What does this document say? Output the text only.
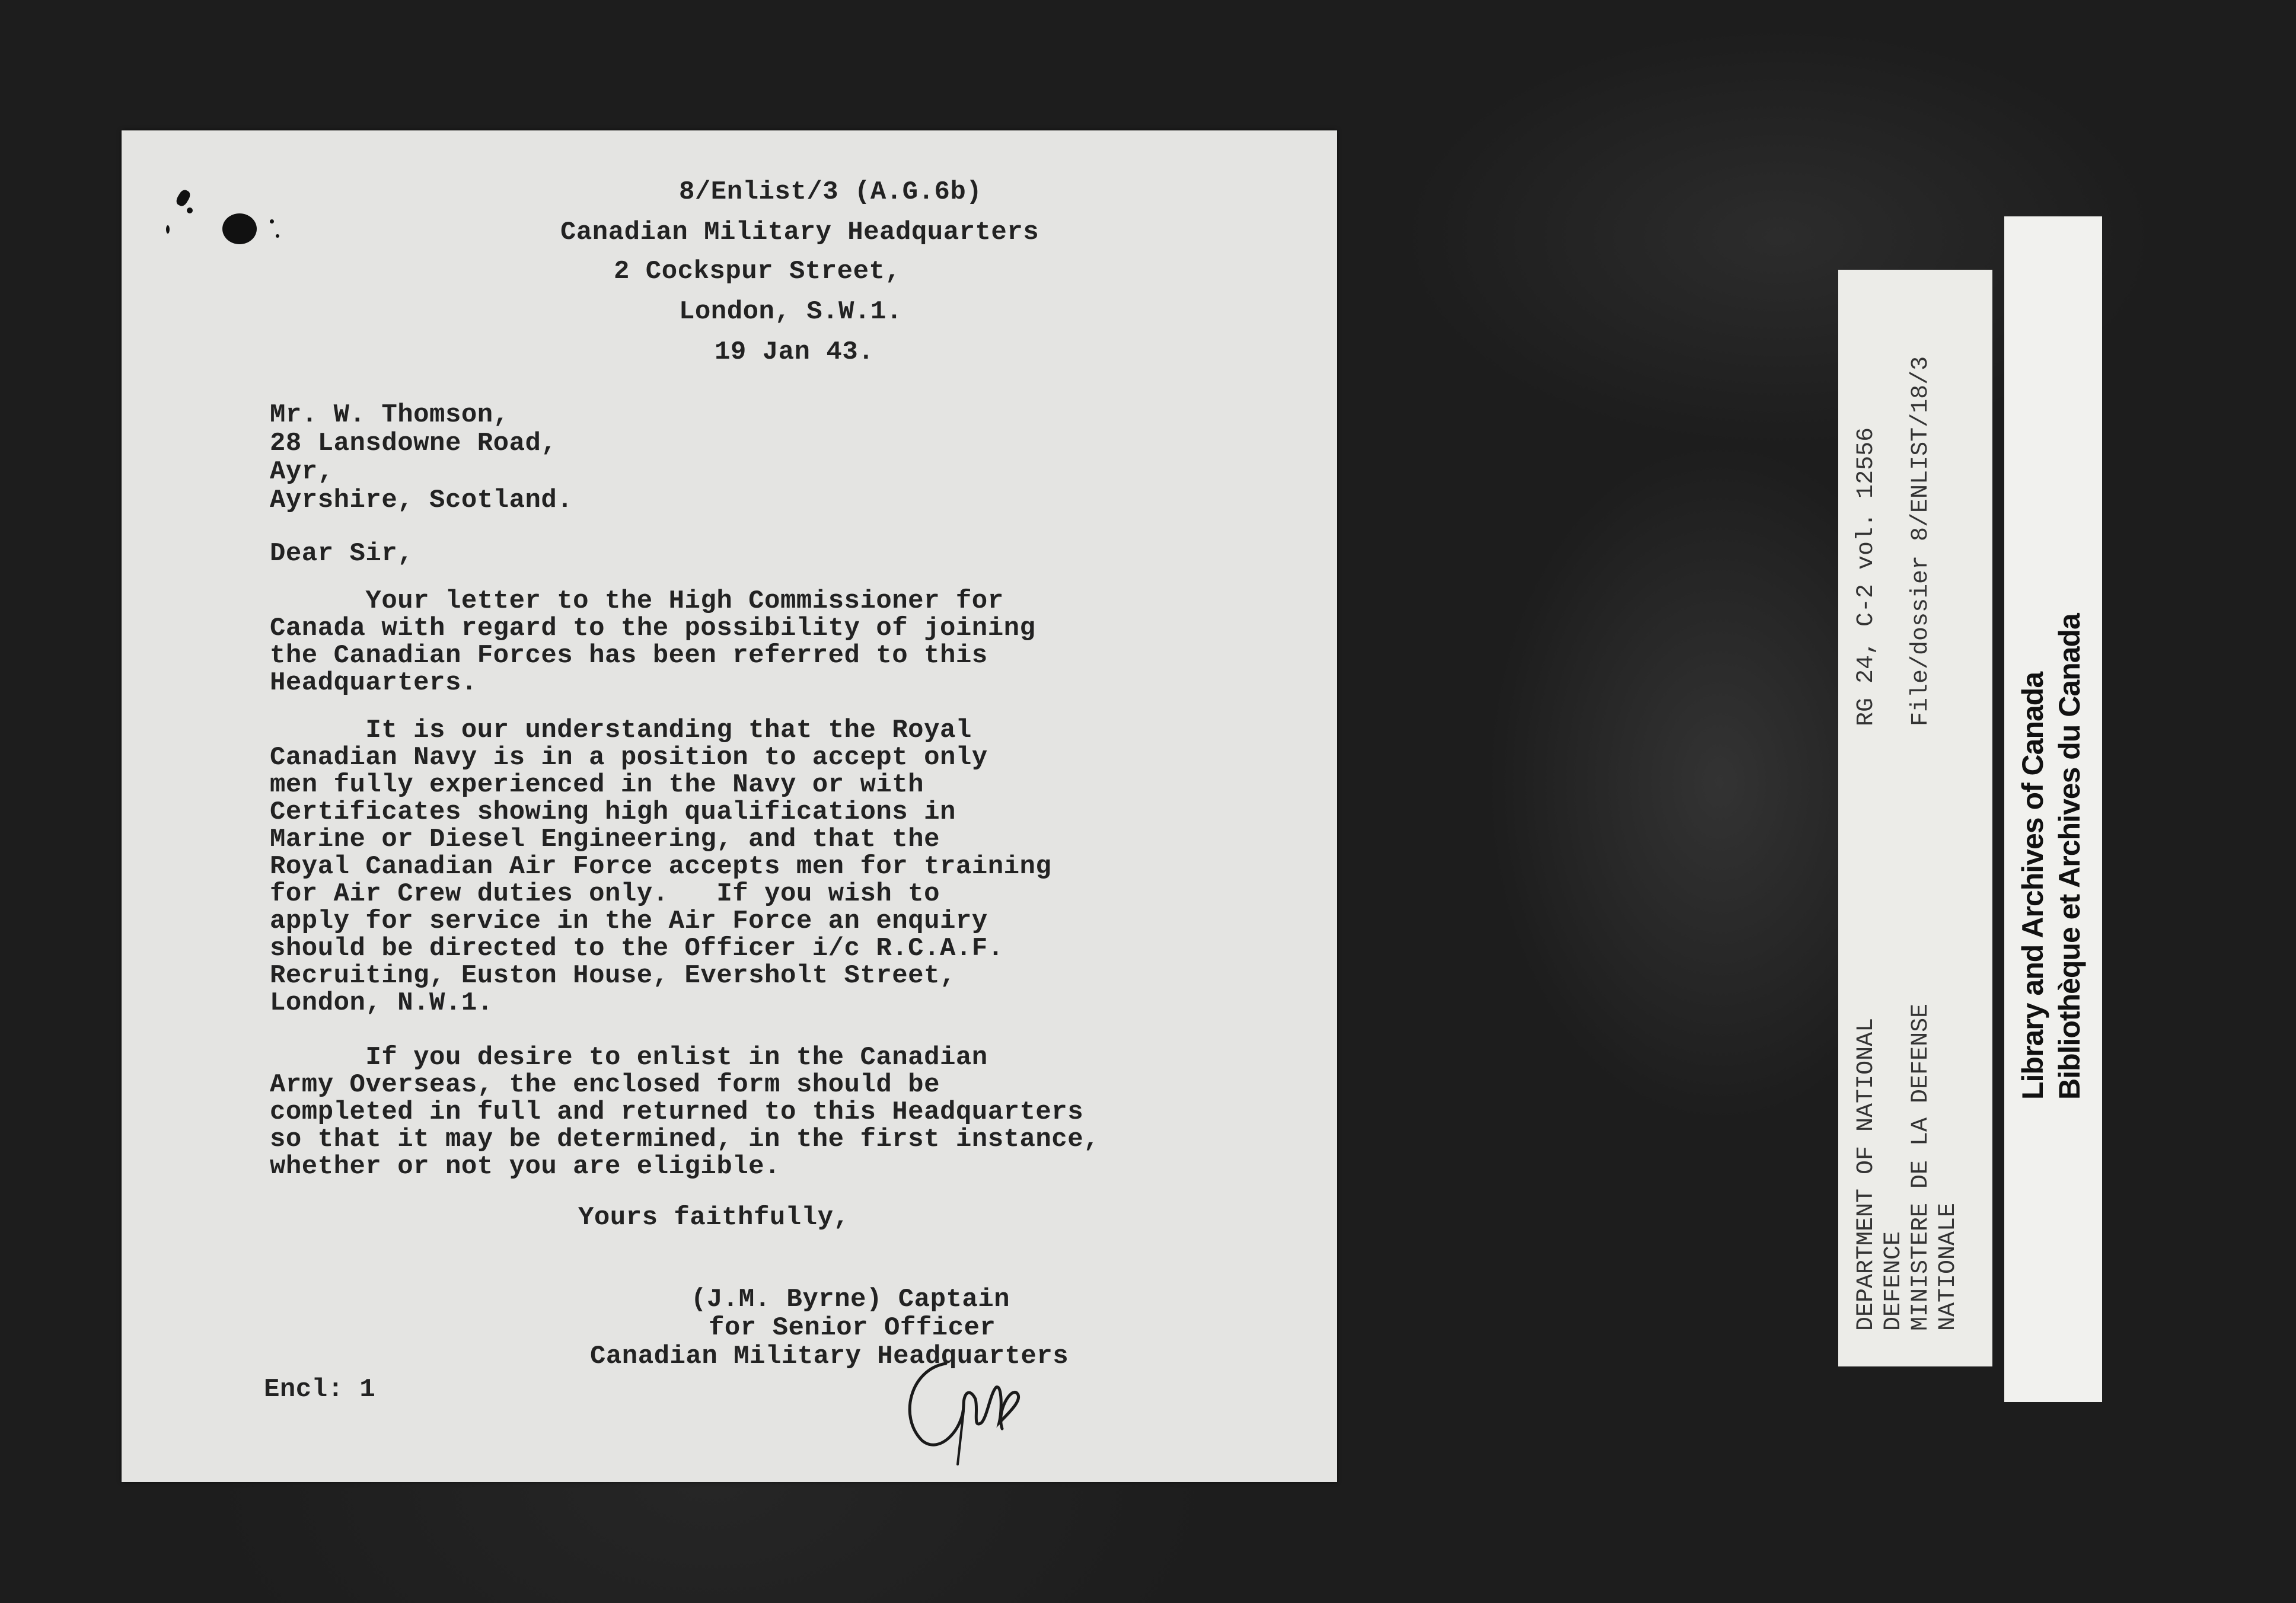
8/Enlist/3 (A.G.6b)
Canadian Military Headquarters
2 Cockspur Street,
London, S.W.1.
19 Jan 43.
Mr. W. Thomson,
28 Lansdowne Road,
Ayr,
Ayrshire, Scotland.
Dear Sir,
Your letter to the High Commissioner for
Canada with regard to the possibility of joining
the Canadian Forces has been referred to this
Headquarters.
It is our understanding that the Royal
Canadian Navy is in a position to accept only
men fully experienced in the Navy or with
Certificates showing high qualifications in
Marine or Diesel Engineering, and that the
Royal Canadian Air Force accepts men for training
for Air Crew duties only.   If you wish to
apply for service in the Air Force an enquiry
should be directed to the Officer i/c R.C.A.F.
Recruiting, Euston House, Eversholt Street,
London, N.W.1.
If you desire to enlist in the Canadian
Army Overseas, the enclosed form should be
completed in full and returned to this Headquarters
so that it may be determined, in the first instance,
whether or not you are eligible.
Yours faithfully,
(J.M. Byrne) Captain
for Senior Officer
Canadian Military Headquarters
Encl: 1
DEPARTMENT OF NATIONAL DEFENCE MINISTERE DE LA DEFENSE NATIONALE
RG 24, C-2 vol. 12556 File/dossier 8/ENLIST/18/3
Library and Archives of Canada Bibliothèque et Archives du Canada
